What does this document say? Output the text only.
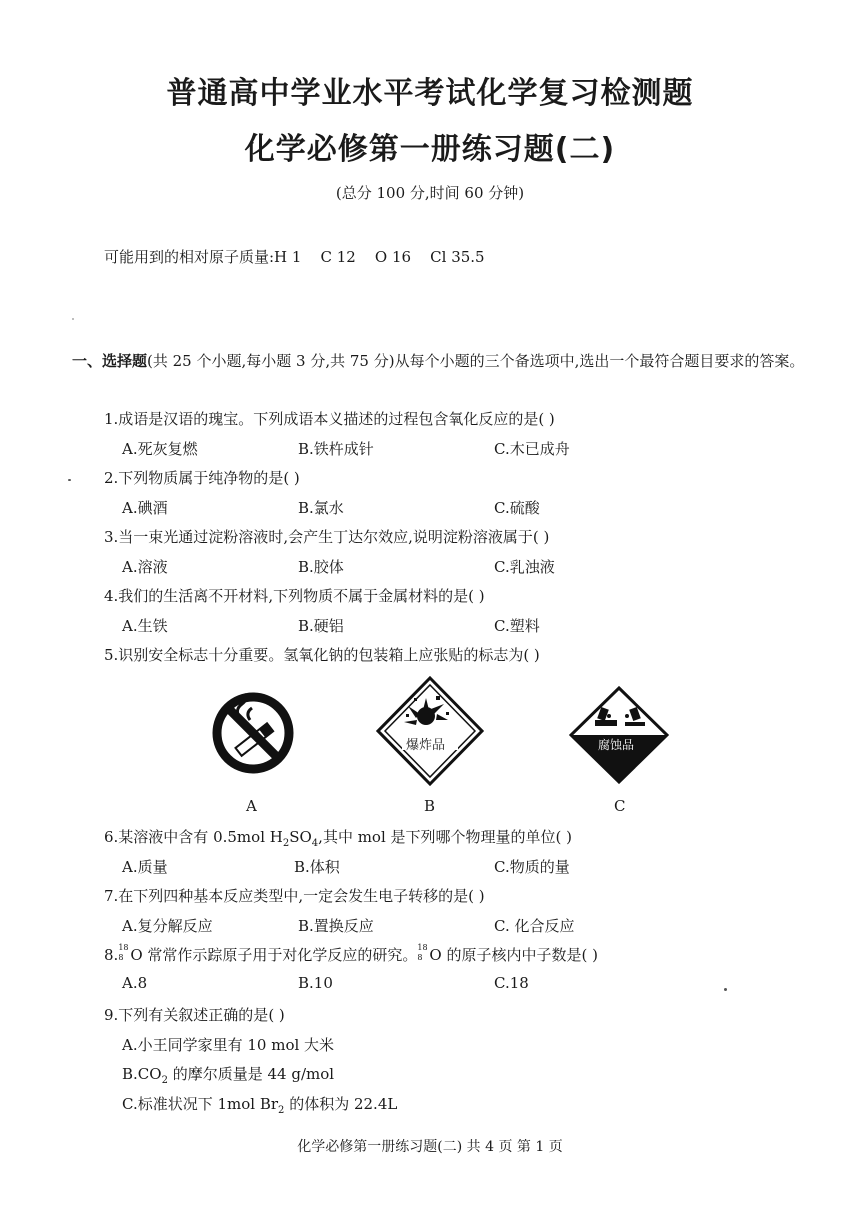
普通高中学业水平考试化学复习检测题
化学必修第一册练习题(二)
(总分 100 分,时间 60 分钟)
可能用到的相对原子质量:H 1    C 12    O 16    Cl 35.5
一、选择题(共 25 个小题,每小题 3 分,共 75 分)从每个小题的三个备选项中,选出一个最符合题目要求的答案。
1.成语是汉语的瑰宝。下列成语本义描述的过程包含氧化反应的是( )
A.死灰复燃	B.铁杵成针	C.木已成舟
2.下列物质属于纯净物的是( )
A.碘酒	B.氯水	C.硫酸
3.当一束光通过淀粉溶液时,会产生丁达尔效应,说明淀粉溶液属于( )
A.溶液	B.胶体	C.乳浊液
4.我们的生活离不开材料,下列物质不属于金属材料的是( )
A.生铁	B.硬铝	C.塑料
5.识别安全标志十分重要。氢氧化钠的包装箱上应张贴的标志为( )
爆炸品	腐蚀品
A	B	C
6.某溶液中含有 0.5mol $H_2SO_4$,其中 mol 是下列哪个物理量的单位( )
A.质量	B.体积	C.物质的量
7.在下列四种基本反应类型中,一定会发生电子转移的是( )
A.复分解反应	B.置换反应	C. 化合反应
8. 18
8 O 常常作示踪原子用于对化学反应的研究。 18
8 O 的原子核内中子数是( )
A.8	B.10	C.18
9.下列有关叙述正确的是( )
A.小王同学家里有 10 mol 大米
$B.CO_2$ 的摩尔质量是 44 g/mol
C.标准状况下 1mol $Br_2$ 的体积为 22.4L
化学必修第一册练习题(二) 共 4 页 第 1 页
